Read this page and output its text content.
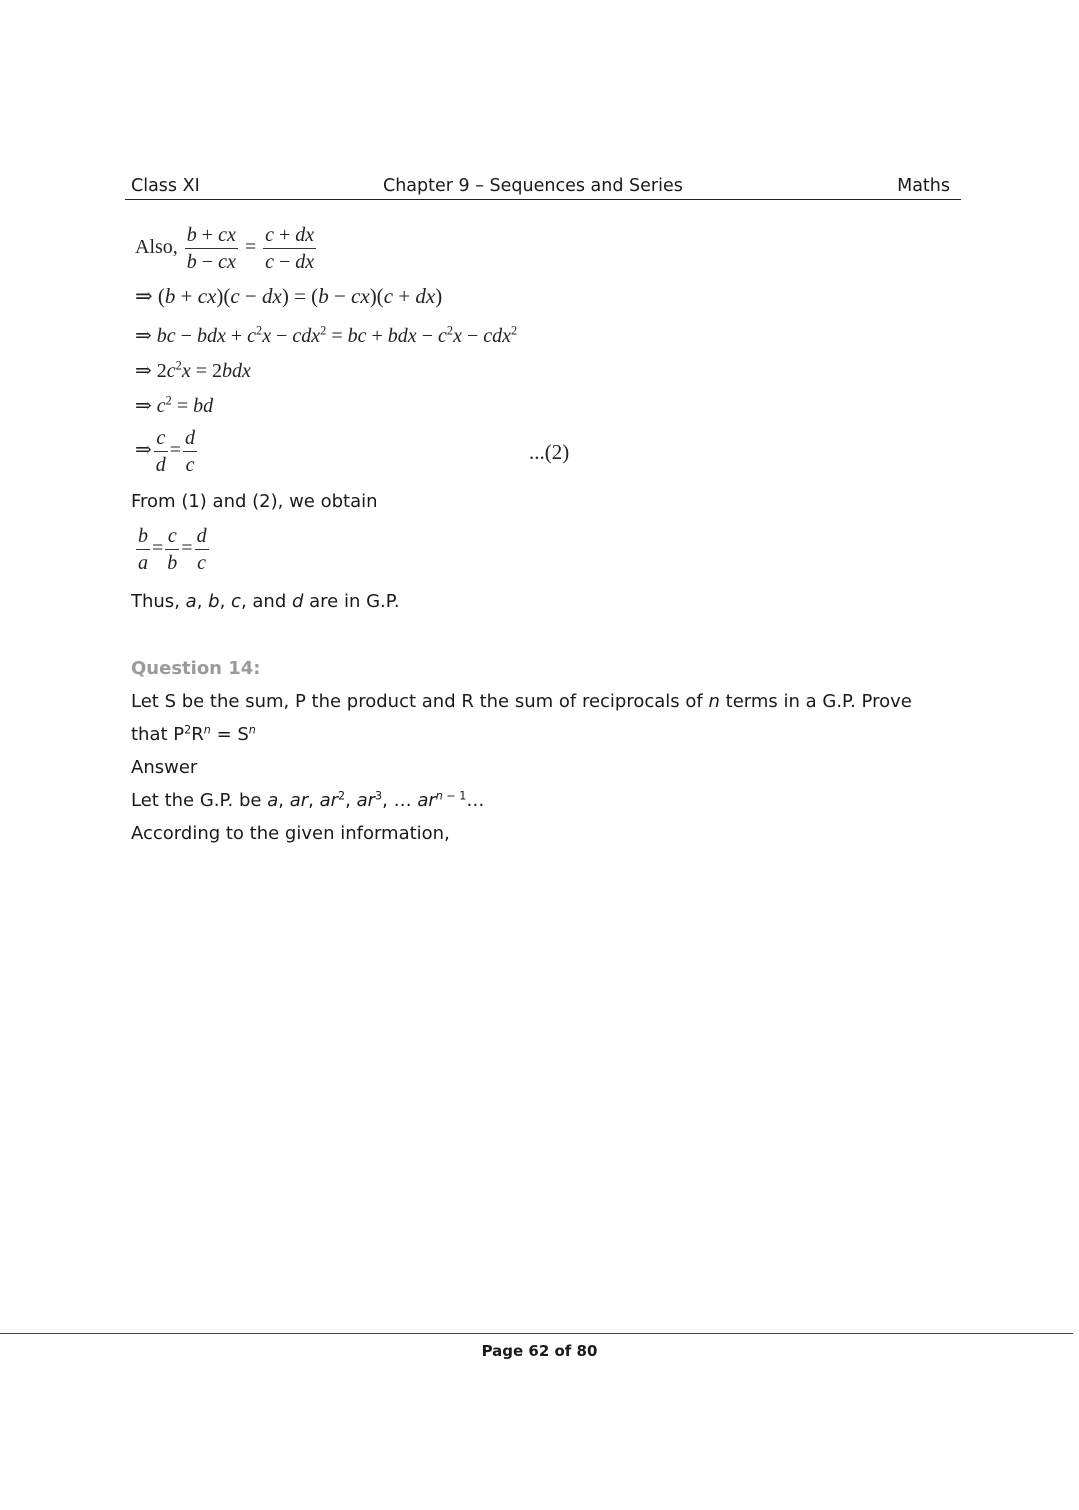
Class XI	Chapter 9 – Sequences and Series	Maths
Also, $\frac{b + cx}{b - cx} = \frac{c + dx}{c - dx}$
⇒ (b + cx)(c − dx) = (b − cx)(c + dx)
⇒ bc − bdx + $c^2x - cdx^2$ = bc + bdx − $c^2x - cdx^2$
⇒ $2c^2x = 2bdx$
⇒ $c^2$ = bd
⇒ $\frac{c}{d} = \frac{d}{c}$	...(2)
From (1) and (2), we obtain
$\frac{b}{a} = \frac{c}{b} = \frac{d}{c}$
Thus, a, b, c, and d are in G.P.
Question 14:
Let S be the sum, P the product and R the sum of reciprocals of n terms in a G.P. Prove
that $P^2R^n = S^n$
Answer
Let the G.P. be a, ar, $ar^2$, $ar^3$, … $ar^{n - 1}\dots$
According to the given information,
Page 62 of 80
